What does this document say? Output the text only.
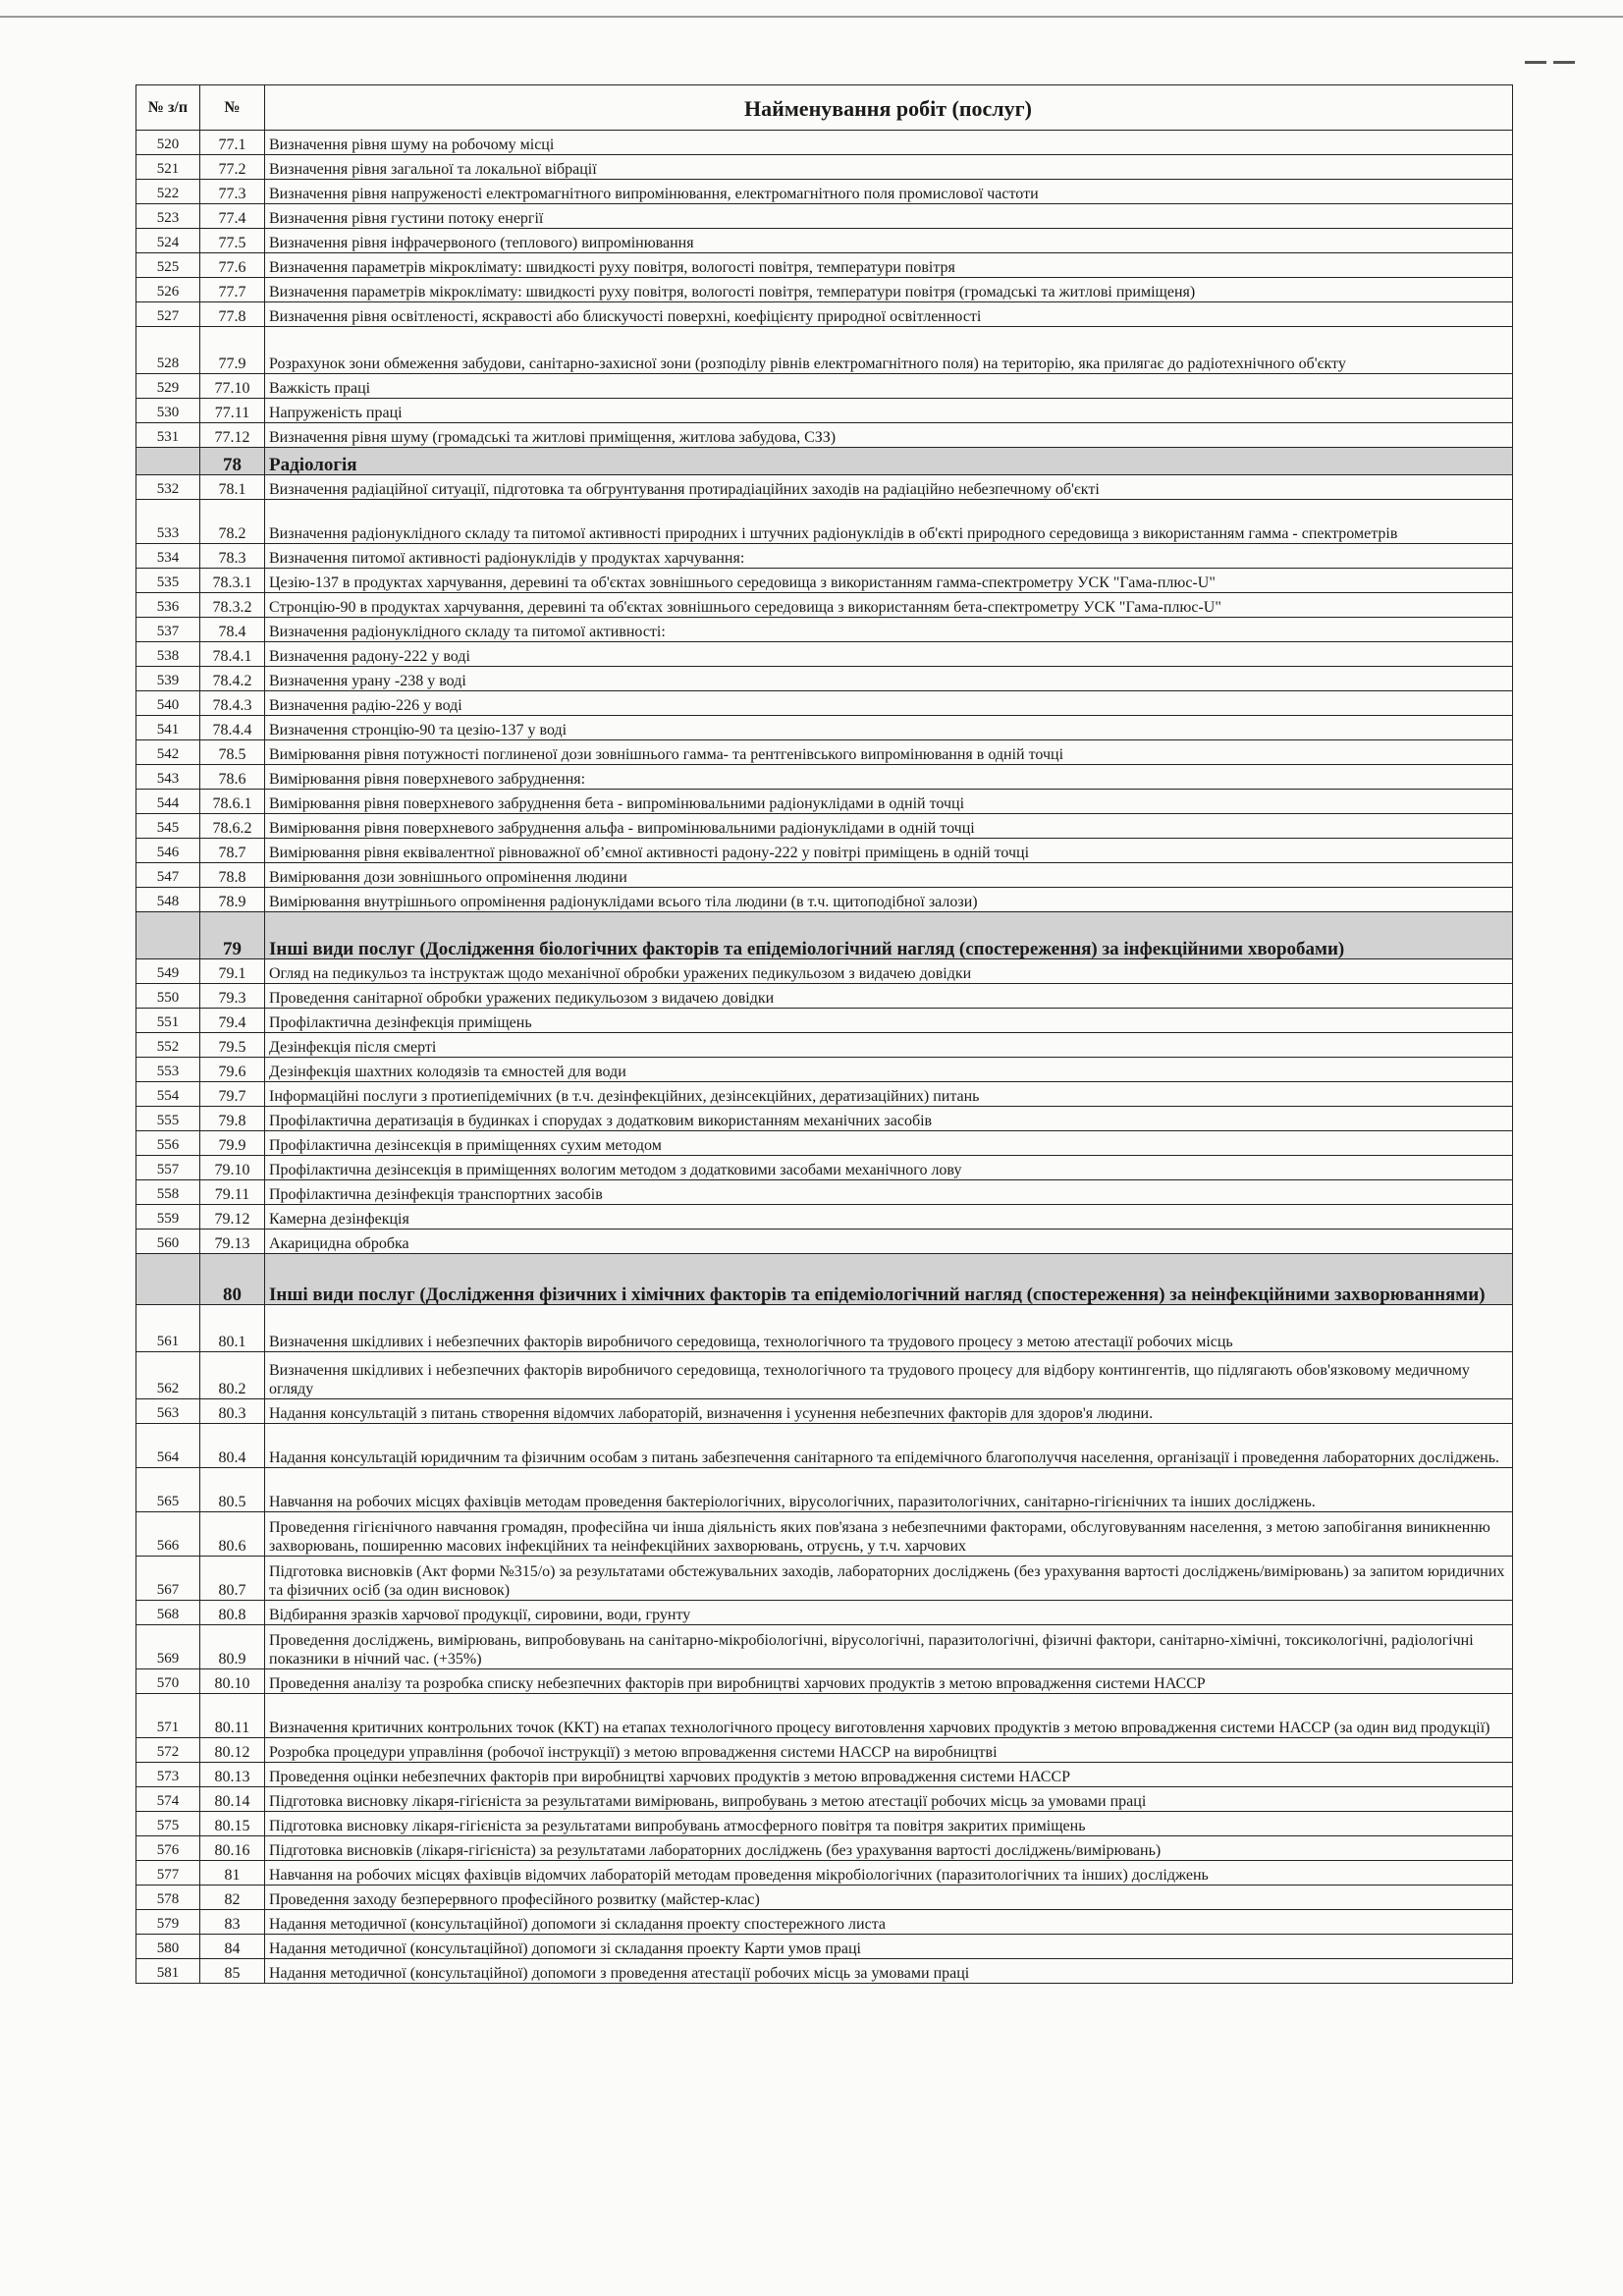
№ з/п	№	Найменування робіт (послуг)
520	77.1	Визначення рівня шуму на робочому місці
521	77.2	Визначення рівня загальної та локальної вібрації
522	77.3	Визначення рівня напруженості електромагнітного випромінювання, електромагнітного поля промислової частоти
523	77.4	Визначення рівня густини потоку енергії
524	77.5	Визначення рівня інфрачервоного (теплового) випромінювання
525	77.6	Визначення параметрів мікроклімату: швидкості руху повітря, вологості повітря, температури повітря
526	77.7	Визначення параметрів мікроклімату: швидкості руху повітря, вологості повітря, температури повітря (громадські та житлові приміщеня)
527	77.8	Визначення рівня освітленості, яскравості або блискучості поверхні, коефіцієнту природної освітленності
528	77.9	Розрахунок зони обмеження забудови, санітарно-захисної зони (розподілу рівнів електромагнітного поля) на територію, яка прилягає до радіотехнічного об'єкту
529	77.10	Важкість праці
530	77.11	Напруженість праці
531	77.12	Визначення рівня шуму (громадські та житлові приміщення, житлова забудова, СЗЗ)
	78	Радіологія
532	78.1	Визначення радіаційної ситуації, підготовка та обгрунтування протирадіаційних заходів на радіаційно небезпечному об'єкті
533	78.2	Визначення радіонуклідного складу та питомої активності природних і штучних радіонуклідів в об'єкті природного середовища з використанням гамма - спектрометрів
534	78.3	Визначення питомої активності радіонуклідів у продуктах харчування:
535	78.3.1	Цезію-137 в продуктах харчування, деревині та об'єктах зовнішнього середовища з використанням гамма-спектрометру УСК "Гама-плюс-U"
536	78.3.2	Стронцію-90 в продуктах харчування, деревині та об'єктах зовнішнього середовища з використанням бета-спектрометру УСК "Гама-плюс-U"
537	78.4	Визначення радіонуклідного складу та питомої активності:
538	78.4.1	Визначення радону-222 у воді
539	78.4.2	Визначення урану -238 у воді
540	78.4.3	Визначення радію-226 у воді
541	78.4.4	Визначення стронцію-90 та цезію-137 у воді
542	78.5	Вимірювання рівня потужності поглиненої дози зовнішнього гамма- та рентгенівського випромінювання в одній точці
543	78.6	Вимірювання рівня поверхневого забруднення:
544	78.6.1	Вимірювання рівня поверхневого забруднення бета - випромінювальними радіонуклідами в одній точці
545	78.6.2	Вимірювання рівня поверхневого забруднення альфа - випромінювальними радіонуклідами в одній точці
546	78.7	Вимірювання рівня еквівалентної рівноважної об’ємної активності радону-222 у повітрі приміщень в одній точці
547	78.8	Вимірювання дози зовнішнього опромінення людини
548	78.9	Вимірювання внутрішнього опромінення радіонуклідами всього тіла людини (в т.ч. щитоподібної залози)
	79	Інші види послуг (Дослідження біологічних факторів та епідеміологічний нагляд (спостереження) за інфекційними хворобами)
549	79.1	Огляд на педикульоз та інструктаж щодо механічної обробки уражених педикульозом з видачею довідки
550	79.3	Проведення санітарної обробки уражених педикульозом з видачею довідки
551	79.4	Профілактична дезінфекція приміщень
552	79.5	Дезінфекція після смерті
553	79.6	Дезінфекція шахтних колодязів та ємностей для води
554	79.7	Інформаційні послуги з протиепідемічних (в т.ч. дезінфекційних, дезінсекційних, дератизаційних) питань
555	79.8	Профілактична дератизація в будинках і спорудах з додатковим використанням механічних засобів
556	79.9	Профілактична дезінсекція в приміщеннях сухим методом
557	79.10	Профілактична дезінсекція в приміщеннях вологим методом з додатковими засобами механічного лову
558	79.11	Профілактична дезінфекція транспортних засобів
559	79.12	Камерна дезінфекція
560	79.13	Акарицидна обробка
	80	Інші види послуг (Дослідження фізичних і хімічних факторів та епідеміологічний нагляд (спостереження) за неінфекційними захворюваннями)
561	80.1	Визначення шкідливих і небезпечних факторів виробничого середовища, технологічного та трудового процесу з метою атестації робочих місць
562	80.2	Визначення шкідливих і небезпечних факторів виробничого середовища, технологічного та трудового процесу для відбору контингентів, що підлягають обов'язковому медичному огляду
563	80.3	Надання консультацій з питань створення відомчих лабораторій, визначення і усунення небезпечних факторів для здоров'я людини.
564	80.4	Надання консультацій юридичним та фізичним особам з питань забезпечення санітарного та епідемічного благополуччя населення, організації і проведення лабораторних досліджень.
565	80.5	Навчання на робочих місцях фахівців методам проведення бактеріологічних, вірусологічних, паразитологічних, санітарно-гігієнічних та інших досліджень.
566	80.6	Проведення гігієнічного навчання громадян, професійна чи інша діяльність яких пов'язана з небезпечними факторами, обслуговуванням населення, з метою запобігання виникненню захворювань, поширенню масових інфекційних та неінфекційних захворювань, отруєнь, у т.ч. харчових
567	80.7	Підготовка висновків (Акт форми №315/о) за результатами обстежувальних заходів, лабораторних досліджень (без урахування вартості досліджень/вимірювань) за запитом юридичних та фізичних осіб (за один висновок)
568	80.8	Відбирання зразків харчової продукції, сировини, води, грунту
569	80.9	Проведення досліджень, вимірювань, випробовувань на санітарно-мікробіологічні, вірусологічні, паразитологічні, фізичні фактори, санітарно-хімічні, токсикологічні, радіологічні показники в нічний час. (+35%)
570	80.10	Проведення аналізу та розробка списку небезпечних факторів при виробництві харчових продуктів з метою впровадження системи НАССР
571	80.11	Визначення критичних контрольних точок (ККТ) на етапах технологічного процесу виготовлення харчових продуктів з метою впровадження системи НАССР (за один вид продукції)
572	80.12	Розробка процедури управління (робочої інструкції) з метою впровадження системи НАССР на виробництві
573	80.13	Проведення оцінки небезпечних факторів при виробництві харчових продуктів з метою впровадження системи НАССР
574	80.14	Підготовка висновку лікаря-гігієніста за результатами вимірювань, випробувань з метою атестації робочих місць за умовами праці
575	80.15	Підготовка висновку лікаря-гігієніста за результатами випробувань атмосферного повітря та повітря закритих приміщень
576	80.16	Підготовка висновків (лікаря-гігієніста) за результатами лабораторних досліджень (без урахування вартості досліджень/вимірювань)
577	81	Навчання на робочих місцях фахівців відомчих лабораторій методам проведення мікробіологічних (паразитологічних та інших) досліджень
578	82	Проведення заходу безперервного професійного розвитку (майстер-клас)
579	83	Надання методичної (консультаційної) допомоги зі складання проекту спостережного листа
580	84	Надання методичної (консультаційної) допомоги зі складання проекту Карти умов праці
581	85	Надання методичної (консультаційної) допомоги з проведення атестації робочих місць за умовами праці
